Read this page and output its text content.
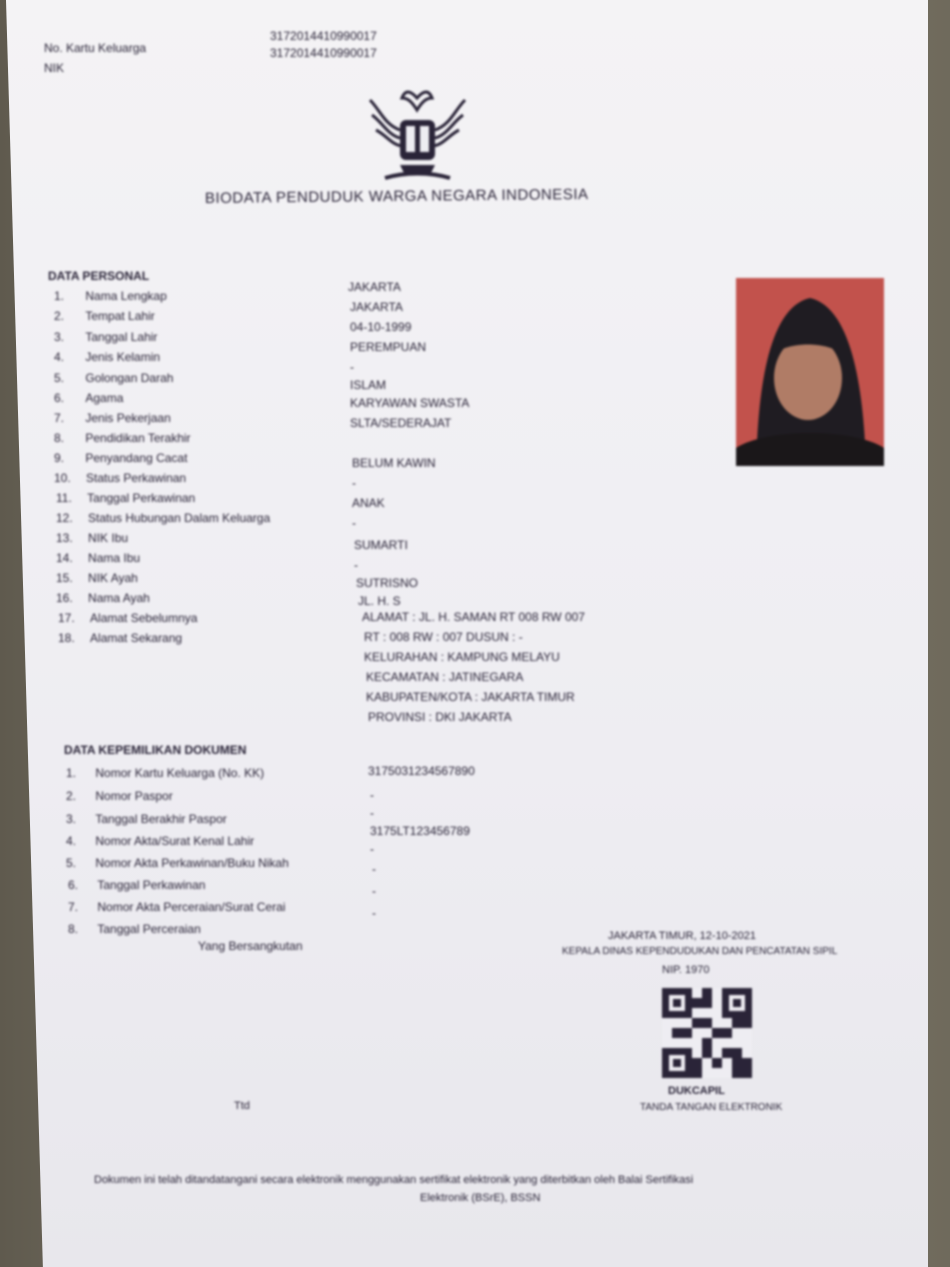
No. Kartu Keluarga
NIK
3172014410990017
3172014410990017
BIODATA PENDUDUK WARGA NEGARA INDONESIA
DATA PERSONAL
1. Nama Lengkap
2. Tempat Lahir
3. Tanggal Lahir
4. Jenis Kelamin
5. Golongan Darah
6. Agama
7. Jenis Pekerjaan
8. Pendidikan Terakhir
9. Penyandang Cacat
10. Status Perkawinan
11. Tanggal Perkawinan
12. Status Hubungan Dalam Keluarga
13. NIK Ibu
14. Nama Ibu
15. NIK Ayah
16. Nama Ayah
17. Alamat Sebelumnya
18. Alamat Sekarang
JAKARTA
JAKARTA
04-10-1999
PEREMPUAN
-
ISLAM
KARYAWAN SWASTA
SLTA/SEDERAJAT
BELUM KAWIN
-
ANAK
-
SUMARTI
-
SUTRISNO
JL. H. S
ALAMAT : JL. H. SAMAN RT 008 RW 007
RT : 008 RW : 007 DUSUN : -
KELURAHAN : KAMPUNG MELAYU
KECAMATAN : JATINEGARA
KABUPATEN/KOTA : JAKARTA TIMUR
PROVINSI : DKI JAKARTA
DATA KEPEMILIKAN DOKUMEN
1. Nomor Kartu Keluarga (No. KK)
2. Nomor Paspor
3. Tanggal Berakhir Paspor
4. Nomor Akta/Surat Kenal Lahir
5. Nomor Akta Perkawinan/Buku Nikah
6. Tanggal Perkawinan
7. Nomor Akta Perceraian/Surat Cerai
8. Tanggal Perceraian
3175031234567890
-
-
3175LT123456789
-
-
-
-
Yang Bersangkutan
Ttd
JAKARTA TIMUR, 12-10-2021
KEPALA DINAS KEPENDUDUKAN DAN PENCATATAN SIPIL
NIP. 1970
DUKCAPIL
TANDA TANGAN ELEKTRONIK
Dokumen ini telah ditandatangani secara elektronik menggunakan sertifikat elektronik yang diterbitkan oleh Balai Sertifikasi
Elektronik (BSrE), BSSN
